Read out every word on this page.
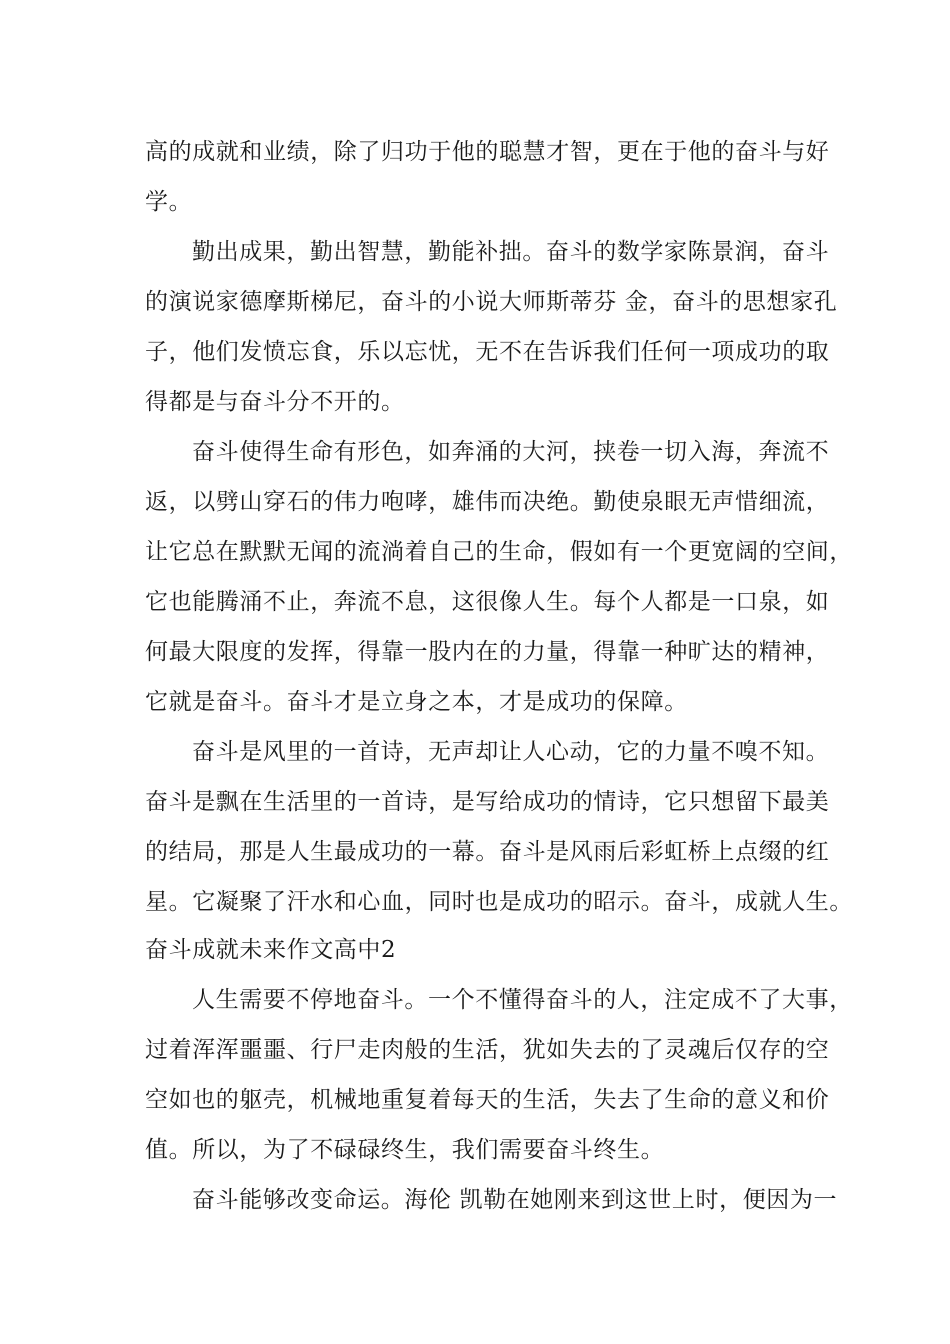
高的成就和业绩，除了归功于他的聪慧才智，更在于他的奋斗与好
学。
勤出成果，勤出智慧，勤能补拙。奋斗的数学家陈景润，奋斗
的演说家德摩斯梯尼，奋斗的小说大师斯蒂芬 金，奋斗的思想家孔
子，他们发愤忘食，乐以忘忧，无不在告诉我们任何一项成功的取
得都是与奋斗分不开的。
奋斗使得生命有形色，如奔涌的大河，挟卷一切入海，奔流不
返，以劈山穿石的伟力咆哮，雄伟而决绝。勤使泉眼无声惜细流，
让它总在默默无闻的流淌着自己的生命，假如有一个更宽阔的空间，
它也能腾涌不止，奔流不息，这很像人生。每个人都是一口泉，如
何最大限度的发挥，得靠一股内在的力量，得靠一种旷达的精神，
它就是奋斗。奋斗才是立身之本，才是成功的保障。
奋斗是风里的一首诗，无声却让人心动，它的力量不嗅不知。
奋斗是飘在生活里的一首诗，是写给成功的情诗，它只想留下最美
的结局，那是人生最成功的一幕。奋斗是风雨后彩虹桥上点缀的红
星。它凝聚了汗水和心血，同时也是成功的昭示。奋斗，成就人生。
奋斗成就未来作文高中2
人生需要不停地奋斗。一个不懂得奋斗的人，注定成不了大事，
过着浑浑噩噩、行尸走肉般的生活，犹如失去的了灵魂后仅存的空
空如也的躯壳，机械地重复着每天的生活，失去了生命的意义和价
值。所以，为了不碌碌终生，我们需要奋斗终生。
奋斗能够改变命运。海伦 凯勒在她刚来到这世上时，便因为一
